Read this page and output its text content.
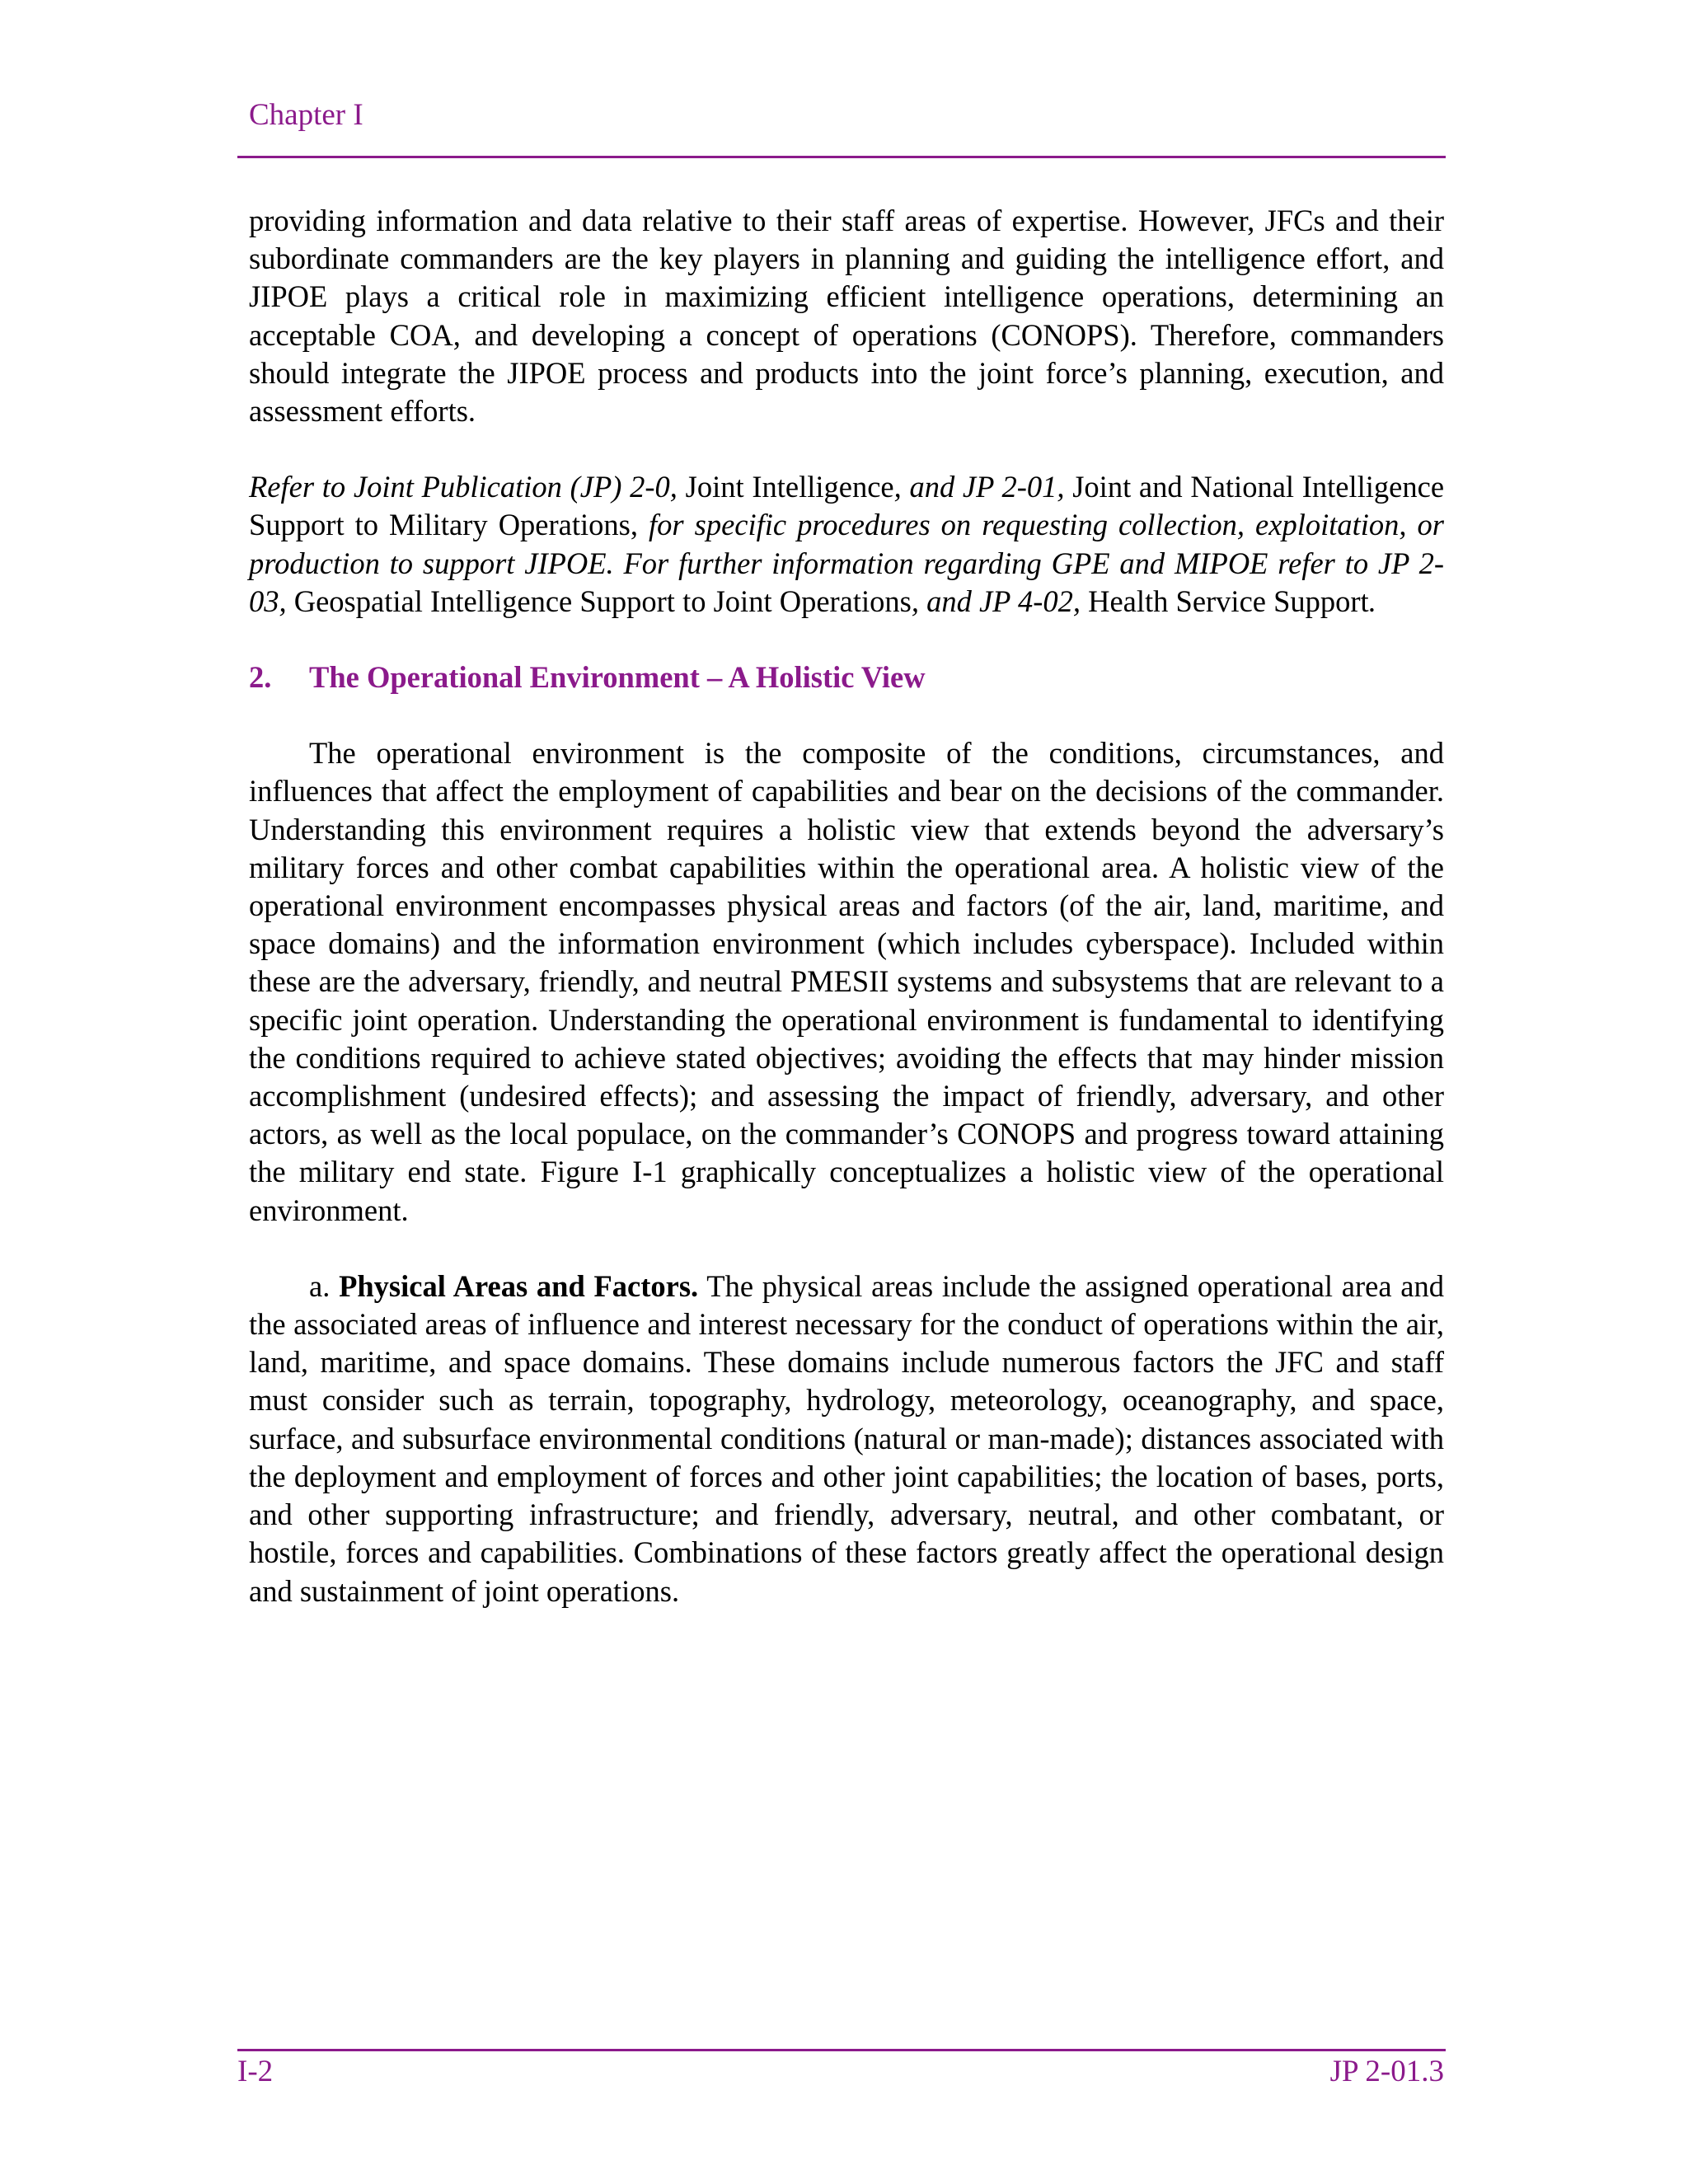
Chapter I

providing information and data relative to their staff areas of expertise. However, JFCs and their subordinate commanders are the key players in planning and guiding the intelligence effort, and JIPOE plays a critical role in maximizing efficient intelligence operations, determining an acceptable COA, and developing a concept of operations (CONOPS). Therefore, commanders should integrate the JIPOE process and products into the joint force’s planning, execution, and assessment efforts.

Refer to Joint Publication (JP) 2-0, Joint Intelligence, and JP 2-01, Joint and National Intelligence Support to Military Operations, for specific procedures on requesting collection, exploitation, or production to support JIPOE. For further information regarding GPE and MIPOE refer to JP 2-03, Geospatial Intelligence Support to Joint Operations, and JP 4-02, Health Service Support.

2. The Operational Environment – A Holistic View

The operational environment is the composite of the conditions, circumstances, and influences that affect the employment of capabilities and bear on the decisions of the commander. Understanding this environment requires a holistic view that extends beyond the adversary’s military forces and other combat capabilities within the operational area. A holistic view of the operational environment encompasses physical areas and factors (of the air, land, maritime, and space domains) and the information environment (which includes cyberspace). Included within these are the adversary, friendly, and neutral PMESII systems and subsystems that are relevant to a specific joint operation. Understanding the operational environment is fundamental to identifying the conditions required to achieve stated objectives; avoiding the effects that may hinder mission accomplishment (undesired effects); and assessing the impact of friendly, adversary, and other actors, as well as the local populace, on the commander’s CONOPS and progress toward attaining the military end state. Figure I-1 graphically conceptualizes a holistic view of the operational environment.

a. Physical Areas and Factors. The physical areas include the assigned operational area and the associated areas of influence and interest necessary for the conduct of operations within the air, land, maritime, and space domains. These domains include numerous factors the JFC and staff must consider such as terrain, topography, hydrology, meteorology, oceanography, and space, surface, and subsurface environmental conditions (natural or man-made); distances associated with the deployment and employment of forces and other joint capabilities; the location of bases, ports, and other supporting infrastructure; and friendly, adversary, neutral, and other combatant, or hostile, forces and capabilities. Combinations of these factors greatly affect the operational design and sustainment of joint operations.

I-2	JP 2-01.3
